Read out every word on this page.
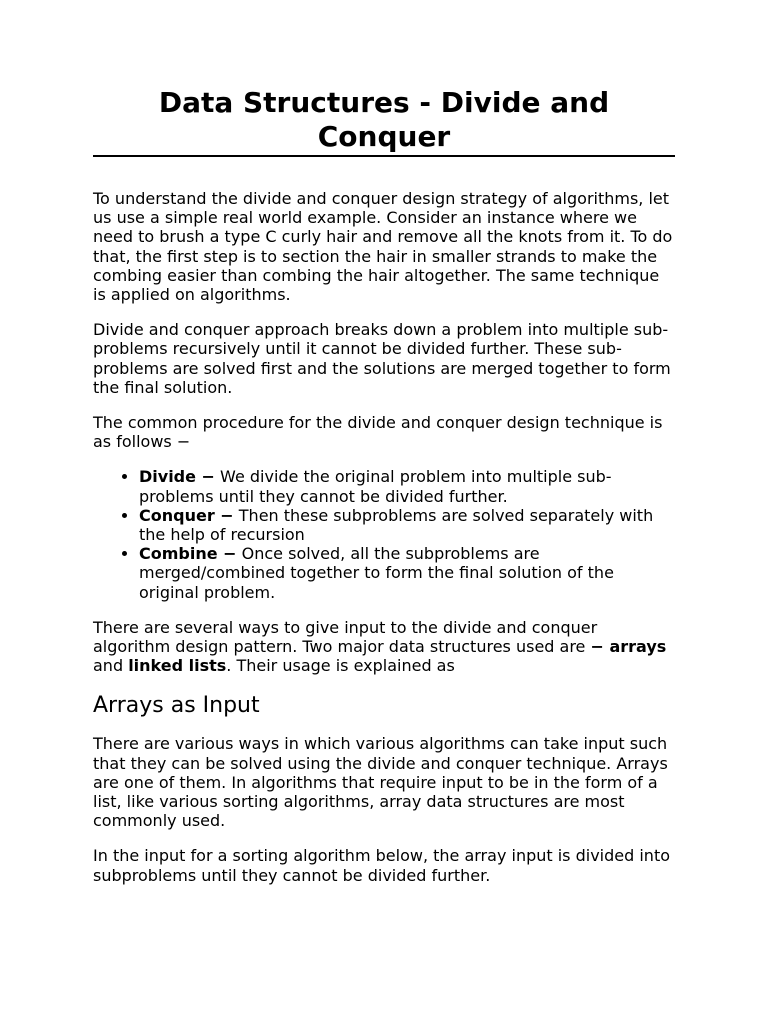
Data Structures - Divide and Conquer

To understand the divide and conquer design strategy of algorithms, let us use a simple real world example. Consider an instance where we need to brush a type C curly hair and remove all the knots from it. To do that, the first step is to section the hair in smaller strands to make the combing easier than combing the hair altogether. The same technique is applied on algorithms.

Divide and conquer approach breaks down a problem into multiple sub-problems recursively until it cannot be divided further. These sub-problems are solved first and the solutions are merged together to form the final solution.

The common procedure for the divide and conquer design technique is as follows −

• Divide − We divide the original problem into multiple sub-problems until they cannot be divided further.
• Conquer − Then these subproblems are solved separately with the help of recursion
• Combine − Once solved, all the subproblems are merged/combined together to form the final solution of the original problem.

There are several ways to give input to the divide and conquer algorithm design pattern. Two major data structures used are − arrays and linked lists. Their usage is explained as

Arrays as Input

There are various ways in which various algorithms can take input such that they can be solved using the divide and conquer technique. Arrays are one of them. In algorithms that require input to be in the form of a list, like various sorting algorithms, array data structures are most commonly used.

In the input for a sorting algorithm below, the array input is divided into subproblems until they cannot be divided further.
